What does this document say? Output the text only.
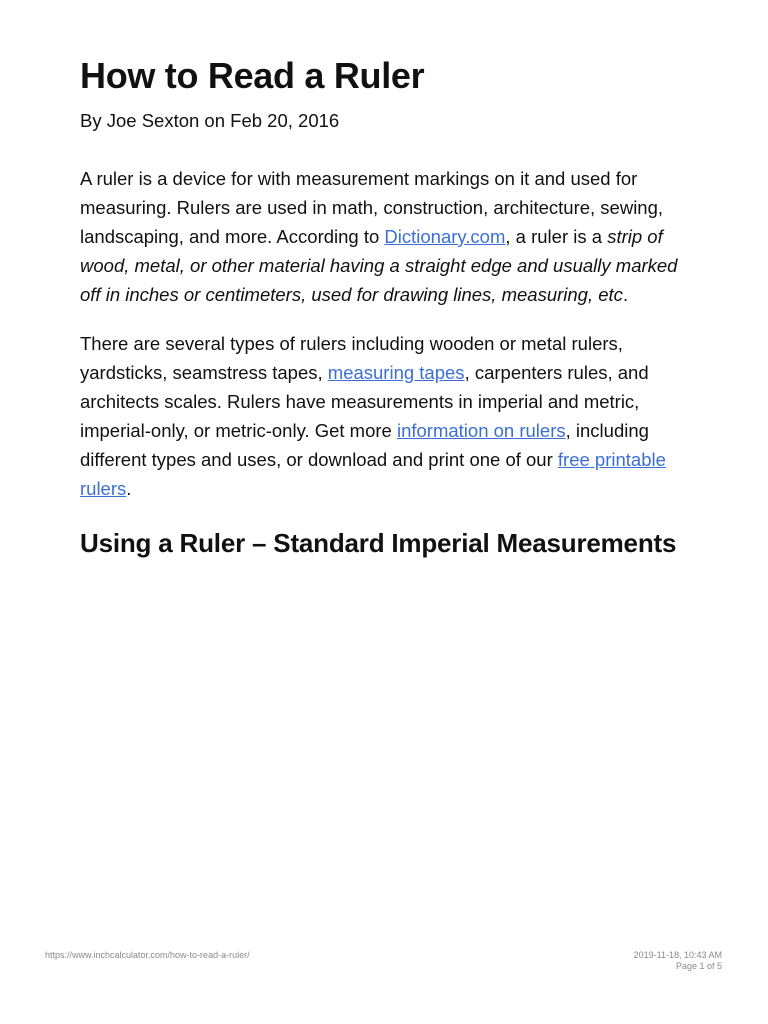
How to Read a Ruler
By Joe Sexton on Feb 20, 2016

A ruler is a device for with measurement markings on it and used for measuring. Rulers are used in math, construction, architecture, sewing, landscaping, and more. According to Dictionary.com, a ruler is a strip of wood, metal, or other material having a straight edge and usually marked off in inches or centimeters, used for drawing lines, measuring, etc.

There are several types of rulers including wooden or metal rulers, yardsticks, seamstress tapes, measuring tapes, carpenters rules, and architects scales. Rulers have measurements in imperial and metric, imperial-only, or metric-only. Get more information on rulers, including different types and uses, or download and print one of our free printable rulers.

Using a Ruler – Standard Imperial Measurements
https://www.inchcalculator.com/how-to-read-a-ruler/	2019-11-18, 10:43 AM
Page 1 of 5
